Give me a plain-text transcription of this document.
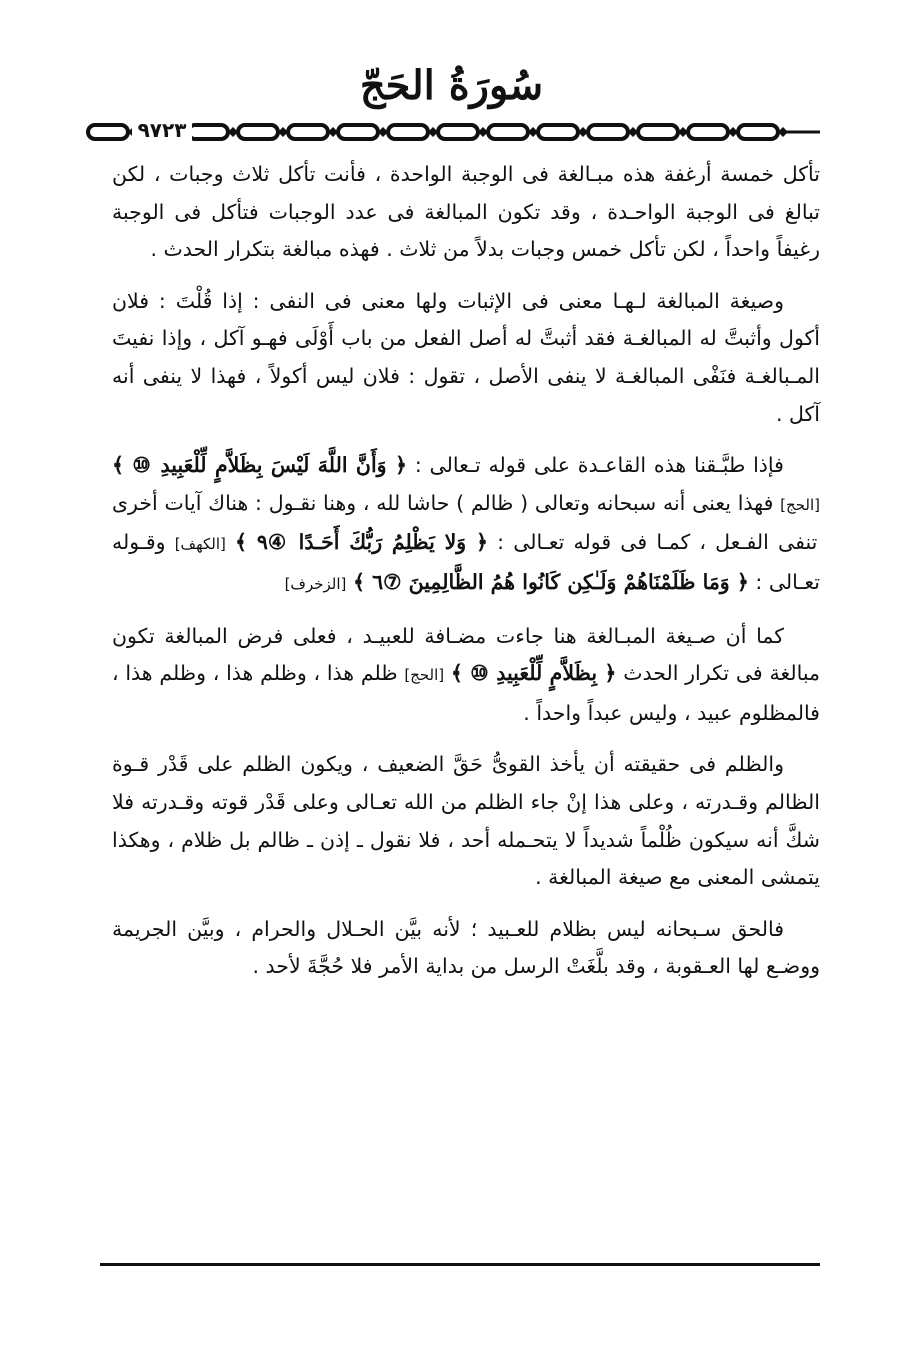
سُورَةُ الحَجّ
٩٧٢٣

تأكل خمسة أرغفة هذه مبـالغة فى الوجبة الواحدة ، فأنت تأكل ثلاث وجبات ، لكن تبالغ فى الوجبة الواحـدة ، وقد تكون المبالغة فى عدد الوجبات فتأكل فى الوجبة رغيفاً واحداً ، لكن تأكل خمس وجبات بدلاً من ثلاث . فهذه مبالغة بتكرار الحدث .

وصيغة المبالغة لـهـا معنى فى الإثبات ولها معنى فى النفى : إذا قُلْتَ : فلان أكول وأثبتَّ له المبالغـة فقد أثبتَّ له أصل الفعل من باب أَوْلَى فهـو آكل ، وإذا نفيتَ المـبالغـة فنَفْى المبالغـة لا ينفى الأصل ، تقول : فلان ليس أكولاً ، فهذا لا ينفى أنه آكل .

فإذا طبَّـقنا هذه القاعـدة على قوله تـعالى : ﴿ وَأَنَّ اللَّهَ لَيْسَ بِظَلاَّمٍ لِّلْعَبِيدِ ⑩ ﴾ [الحج] فهذا يعنى أنه سبحانه وتعالى ( ظالم ) حاشا لله ، وهنا نقـول : هناك آيات أخرى تنفى الفـعل ، كمـا فى قوله تعـالى : ﴿ وَلا يَظْلِمُ رَبُّكَ أَحَـدًا ④٩ ﴾ [الكهف] وقـوله تعـالى : ﴿ وَمَا ظَلَمْنَاهُمْ وَلَـٰكِن كَانُوا هُمُ الظَّالِمِينَ ⑦٦ ﴾ [الزخرف]

كما أن صـيغة المبـالغة هنا جاءت مضـافة للعبيـد ، فعلى فرض المبالغة تكون مبالغة فى تكرار الحدث ﴿ بِظَلاَّمٍ لِّلْعَبِيدِ ⑩ ﴾ [الحج] ظلم هذا ، وظلم هذا ، وظلم هذا ، فالمظلوم عبيد ، وليس عبداً واحداً .

والظلم فى حقيقته أن يأخذ القوىُّ حَقَّ الضعيف ، ويكون الظلم على قَدْر قـوة الظالم وقـدرته ، وعلى هذا إنْ جاء الظلم من الله تعـالى وعلى قَدْر قوته وقـدرته فلا شكَّ أنه سيكون ظُلْماً شديداً لا يتحـمله أحد ، فلا نقول ـ إذن ـ ظالم بل ظلام ، وهكذا يتمشى المعنى مع صيغة المبالغة .

فالحق سـبحانه ليس بظلام للعـبيد ؛ لأنه بيَّن الحـلال والحرام ، وبيَّن الجريمة ووضـع لها العـقوبة ، وقد بلَّغَتْ الرسل من بداية الأمر فلا حُجَّةَ لأحد .
